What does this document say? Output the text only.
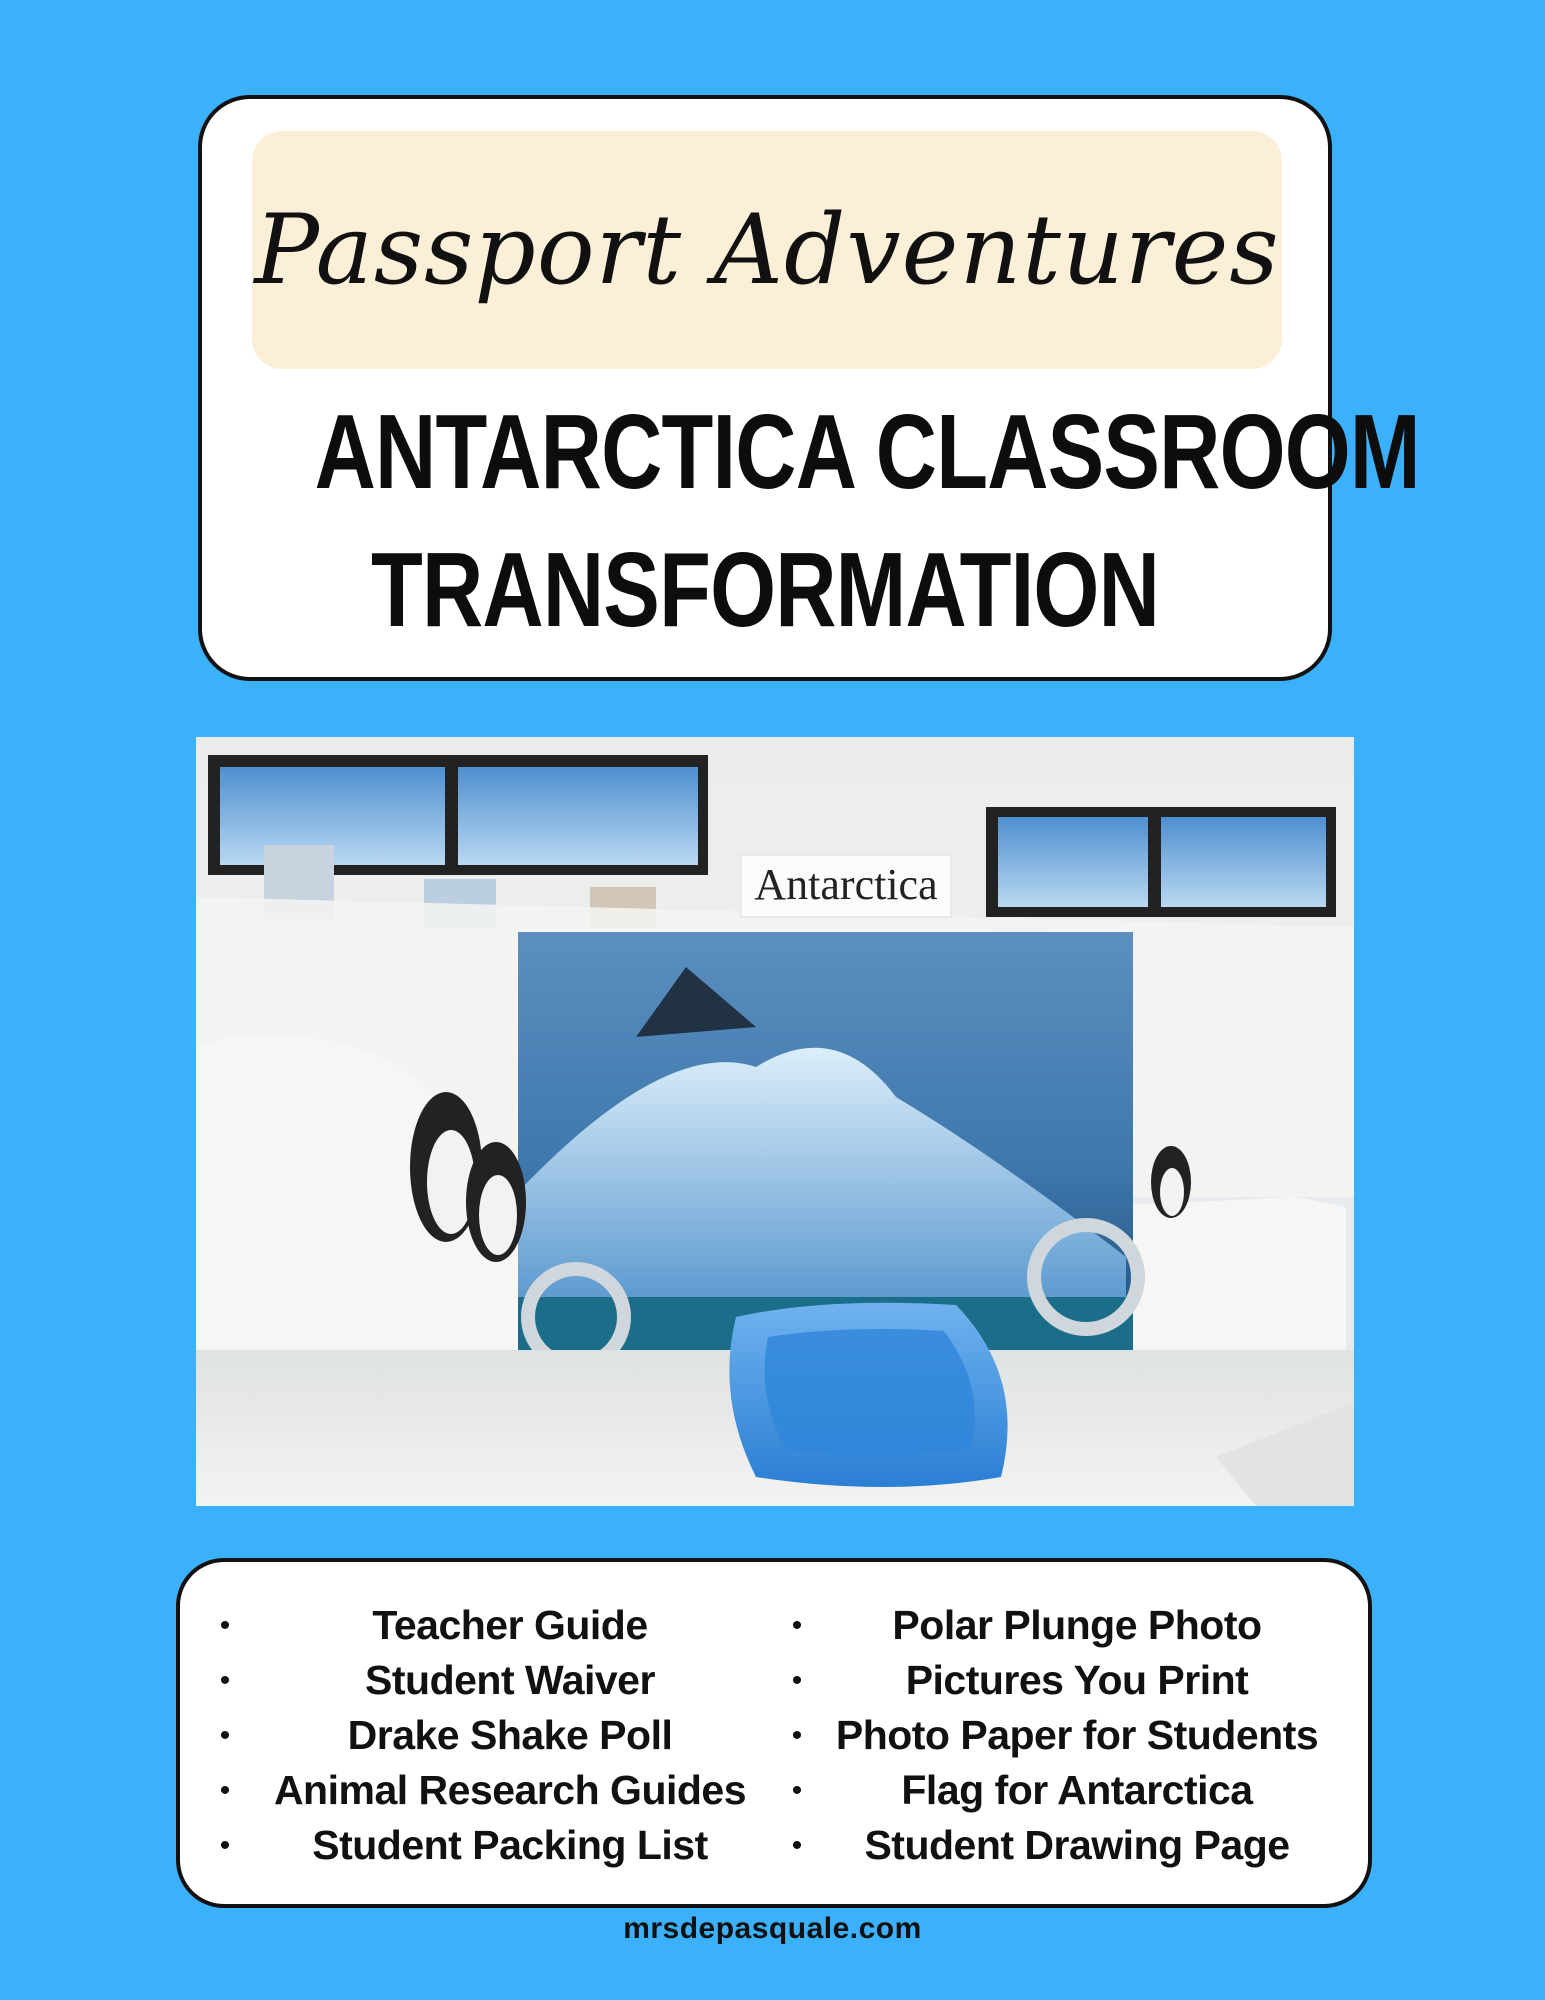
Passport Adventures
ANTARCTICA CLASSROOM
TRANSFORMATION
Antarctica
•	Teacher Guide
•	Student Waiver
•	Drake Shake Poll
•	Animal Research Guides
•	Student Packing List
•	Polar Plunge Photo
•	Pictures You Print
• Photo Paper for Students
•	Flag for Antarctica
•	Student Drawing Page
mrsdepasquale.com
